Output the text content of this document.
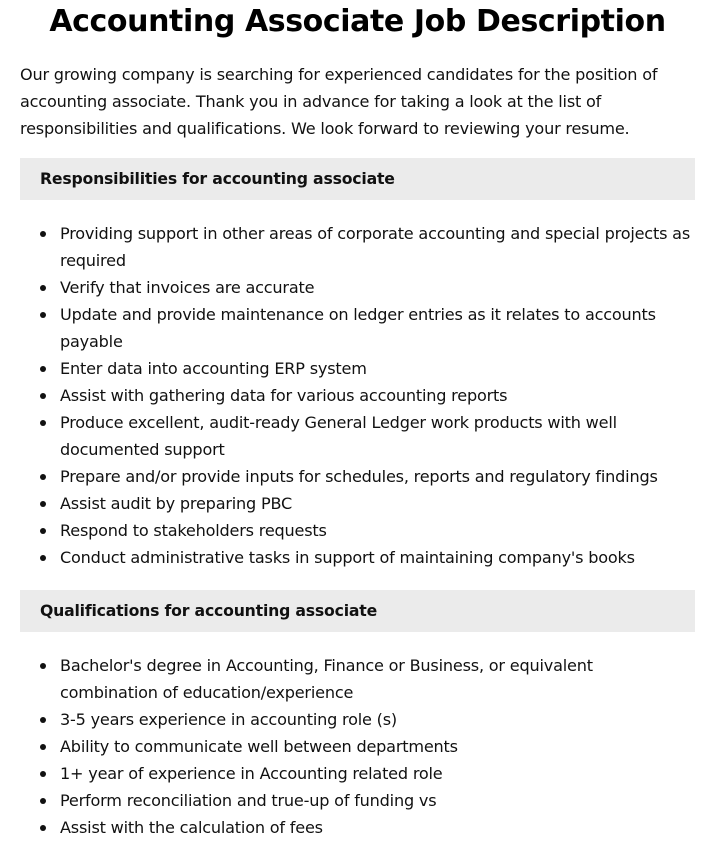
Accounting Associate Job Description

Our growing company is searching for experienced candidates for the position of accounting associate. Thank you in advance for taking a look at the list of responsibilities and qualifications. We look forward to reviewing your resume.

Responsibilities for accounting associate
Providing support in other areas of corporate accounting and special projects as required
Verify that invoices are accurate
Update and provide maintenance on ledger entries as it relates to accounts payable
Enter data into accounting ERP system
Assist with gathering data for various accounting reports
Produce excellent, audit-ready General Ledger work products with well documented support
Prepare and/or provide inputs for schedules, reports and regulatory findings
Assist audit by preparing PBC
Respond to stakeholders requests
Conduct administrative tasks in support of maintaining company's books
Qualifications for accounting associate
Bachelor's degree in Accounting, Finance or Business, or equivalent combination of education/experience
3-5 years experience in accounting role (s)
Ability to communicate well between departments
1+ year of experience in Accounting related role
Perform reconciliation and true-up of funding vs
Assist with the calculation of fees
